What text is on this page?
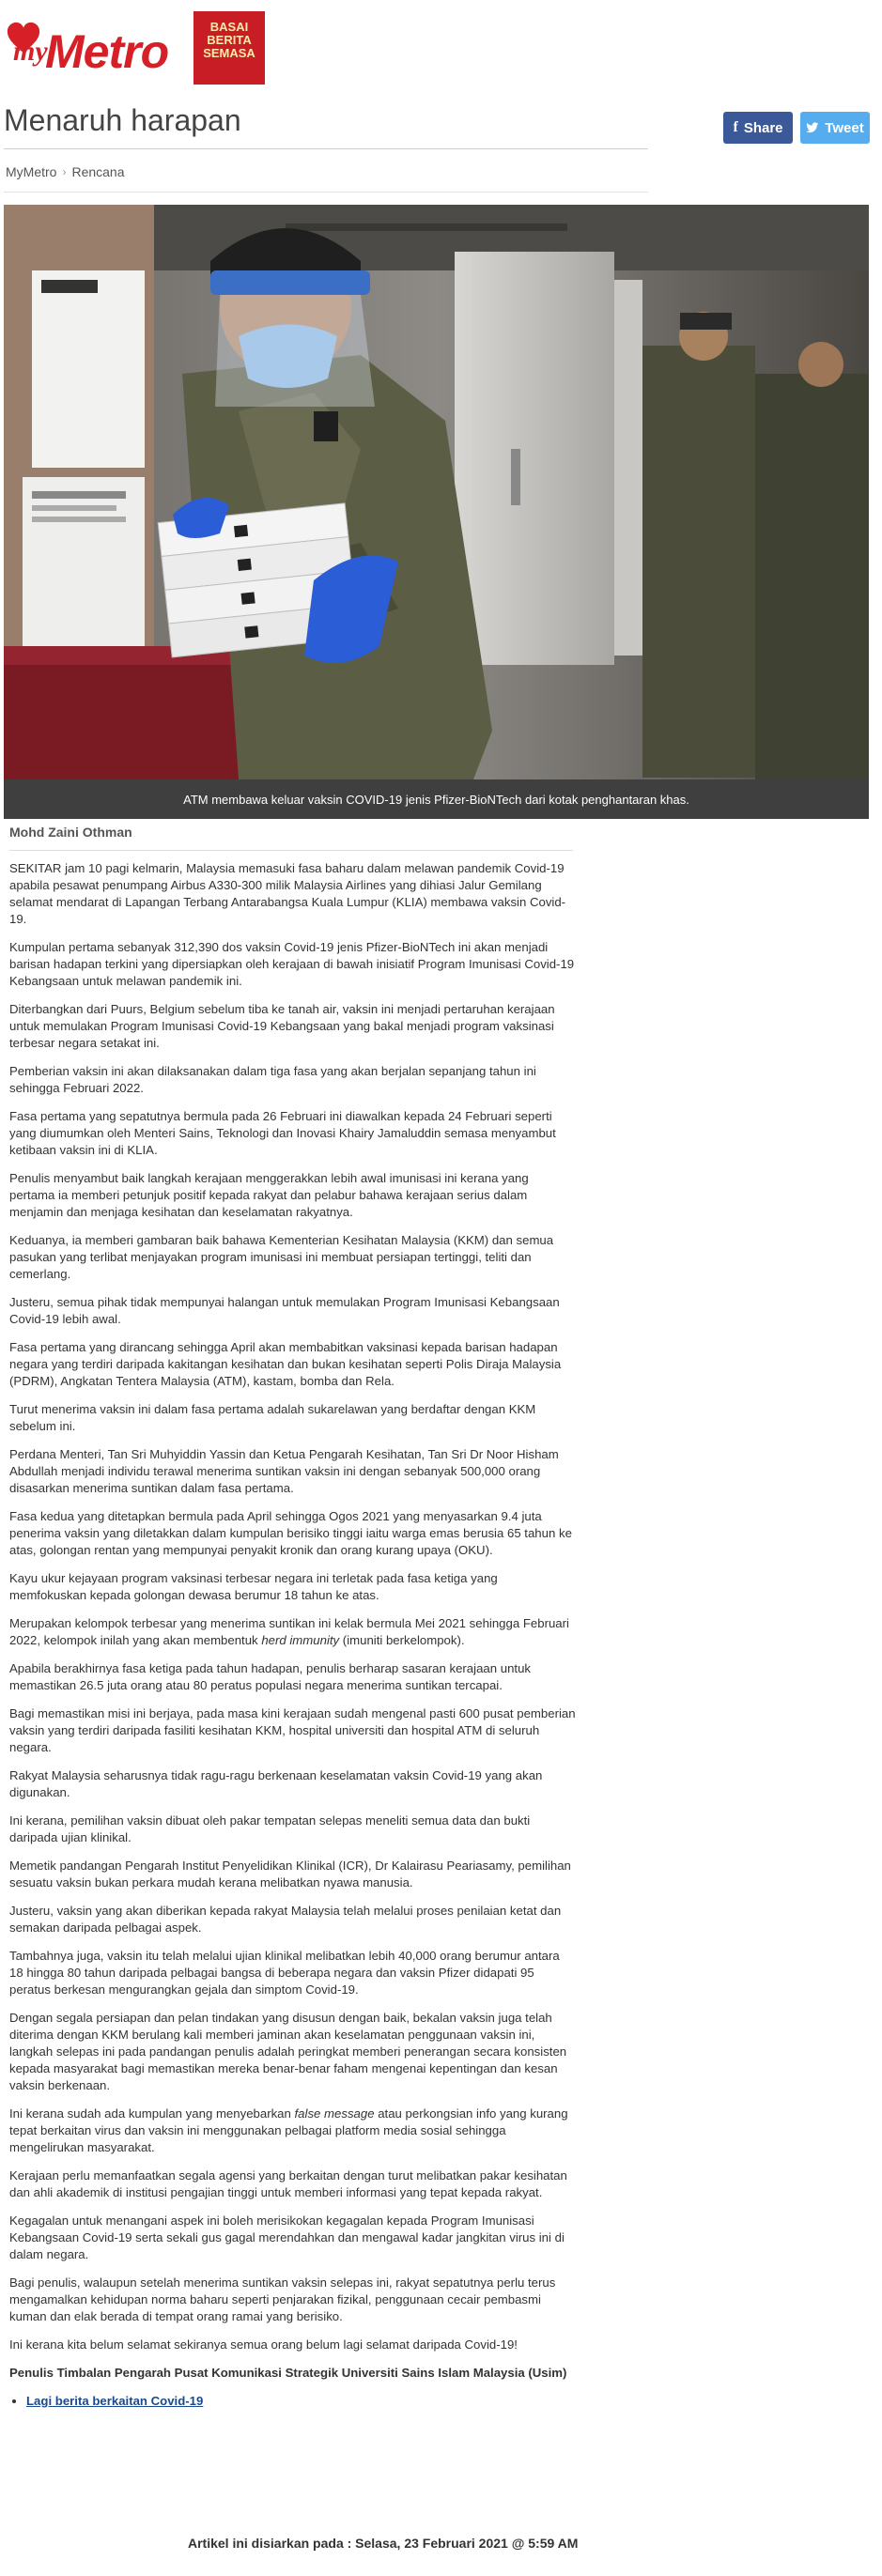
my
Metro	BASAI
BERITA
SEMASA
Menaruh harapan	f Share	Tweet
MyMetro › Rencana
ATM membawa keluar vaksin COVID-19 jenis Pfizer-BioNTech dari kotak penghantaran khas.
Mohd Zaini Othman

SEKITAR jam 10 pagi kelmarin, Malaysia memasuki fasa baharu dalam melawan pandemik Covid-19 apabila pesawat penumpang Airbus A330-300 milik Malaysia Airlines yang dihiasi Jalur Gemilang selamat mendarat di Lapangan Terbang Antarabangsa Kuala Lumpur (KLIA) membawa vaksin Covid-19.

Kumpulan pertama sebanyak 312,390 dos vaksin Covid-19 jenis Pfizer-BioNTech ini akan menjadi barisan hadapan terkini yang dipersiapkan oleh kerajaan di bawah inisiatif Program Imunisasi Covid-19 Kebangsaan untuk melawan pandemik ini.

Diterbangkan dari Puurs, Belgium sebelum tiba ke tanah air, vaksin ini menjadi pertaruhan kerajaan untuk memulakan Program Imunisasi Covid-19 Kebangsaan yang bakal menjadi program vaksinasi terbesar negara setakat ini.

Pemberian vaksin ini akan dilaksanakan dalam tiga fasa yang akan berjalan sepanjang tahun ini sehingga Februari 2022.

Fasa pertama yang sepatutnya bermula pada 26 Februari ini diawalkan kepada 24 Februari seperti yang diumumkan oleh Menteri Sains, Teknologi dan Inovasi Khairy Jamaluddin semasa menyambut ketibaan vaksin ini di KLIA.

Penulis menyambut baik langkah kerajaan menggerakkan lebih awal imunisasi ini kerana yang pertama ia memberi petunjuk positif kepada rakyat dan pelabur bahawa kerajaan serius dalam menjamin dan menjaga kesihatan dan keselamatan rakyatnya.

Keduanya, ia memberi gambaran baik bahawa Kementerian Kesihatan Malaysia (KKM) dan semua pasukan yang terlibat menjayakan program imunisasi ini membuat persiapan tertinggi, teliti dan cemerlang.

Justeru, semua pihak tidak mempunyai halangan untuk memulakan Program Imunisasi Kebangsaan Covid-19 lebih awal.

Fasa pertama yang dirancang sehingga April akan membabitkan vaksinasi kepada barisan hadapan negara yang terdiri daripada kakitangan kesihatan dan bukan kesihatan seperti Polis Diraja Malaysia (PDRM), Angkatan Tentera Malaysia (ATM), kastam, bomba dan Rela.

Turut menerima vaksin ini dalam fasa pertama adalah sukarelawan yang berdaftar dengan KKM sebelum ini.

Perdana Menteri, Tan Sri Muhyiddin Yassin dan Ketua Pengarah Kesihatan, Tan Sri Dr Noor Hisham Abdullah menjadi individu terawal menerima suntikan vaksin ini dengan sebanyak 500,000 orang disasarkan menerima suntikan dalam fasa pertama.

Fasa kedua yang ditetapkan bermula pada April sehingga Ogos 2021 yang menyasarkan 9.4 juta penerima vaksin yang diletakkan dalam kumpulan berisiko tinggi iaitu warga emas berusia 65 tahun ke atas, golongan rentan yang mempunyai penyakit kronik dan orang kurang upaya (OKU).

Kayu ukur kejayaan program vaksinasi terbesar negara ini terletak pada fasa ketiga yang memfokuskan kepada golongan dewasa berumur 18 tahun ke atas.

Merupakan kelompok terbesar yang menerima suntikan ini kelak bermula Mei 2021 sehingga Februari 2022, kelompok inilah yang akan membentuk herd immunity (imuniti berkelompok).

Apabila berakhirnya fasa ketiga pada tahun hadapan, penulis berharap sasaran kerajaan untuk memastikan 26.5 juta orang atau 80 peratus populasi negara menerima suntikan tercapai.

Bagi memastikan misi ini berjaya, pada masa kini kerajaan sudah mengenal pasti 600 pusat pemberian vaksin yang terdiri daripada fasiliti kesihatan KKM, hospital universiti dan hospital ATM di seluruh negara.

Rakyat Malaysia seharusnya tidak ragu-ragu berkenaan keselamatan vaksin Covid-19 yang akan digunakan.

Ini kerana, pemilihan vaksin dibuat oleh pakar tempatan selepas meneliti semua data dan bukti daripada ujian klinikal.

Memetik pandangan Pengarah Institut Penyelidikan Klinikal (ICR), Dr Kalairasu Peariasamy, pemilihan sesuatu vaksin bukan perkara mudah kerana melibatkan nyawa manusia.

Justeru, vaksin yang akan diberikan kepada rakyat Malaysia telah melalui proses penilaian ketat dan semakan daripada pelbagai aspek.

Tambahnya juga, vaksin itu telah melalui ujian klinikal melibatkan lebih 40,000 orang berumur antara 18 hingga 80 tahun daripada pelbagai bangsa di beberapa negara dan vaksin Pfizer didapati 95 peratus berkesan mengurangkan gejala dan simptom Covid-19.

Dengan segala persiapan dan pelan tindakan yang disusun dengan baik, bekalan vaksin juga telah diterima dengan KKM berulang kali memberi jaminan akan keselamatan penggunaan vaksin ini, langkah selepas ini pada pandangan penulis adalah peringkat memberi penerangan secara konsisten kepada masyarakat bagi memastikan mereka benar-benar faham mengenai kepentingan dan kesan vaksin berkenaan.

Ini kerana sudah ada kumpulan yang menyebarkan false message atau perkongsian info yang kurang tepat berkaitan virus dan vaksin ini menggunakan pelbagai platform media sosial sehingga mengelirukan masyarakat.

Kerajaan perlu memanfaatkan segala agensi yang berkaitan dengan turut melibatkan pakar kesihatan dan ahli akademik di institusi pengajian tinggi untuk memberi informasi yang tepat kepada rakyat.

Kegagalan untuk menangani aspek ini boleh merisikokan kegagalan kepada Program Imunisasi Kebangsaan Covid-19 serta sekali gus gagal merendahkan dan mengawal kadar jangkitan virus ini di dalam negara.

Bagi penulis, walaupun setelah menerima suntikan vaksin selepas ini, rakyat sepatutnya perlu terus mengamalkan kehidupan norma baharu seperti penjarakan fizikal, penggunaan cecair pembasmi kuman dan elak berada di tempat orang ramai yang berisiko.

Ini kerana kita belum selamat sekiranya semua orang belum lagi selamat daripada Covid-19!

Penulis Timbalan Pengarah Pusat Komunikasi Strategik Universiti Sains Islam Malaysia (Usim)

• Lagi berita berkaitan Covid-19
Artikel ini disiarkan pada : Selasa, 23 Februari 2021 @ 5:59 AM
